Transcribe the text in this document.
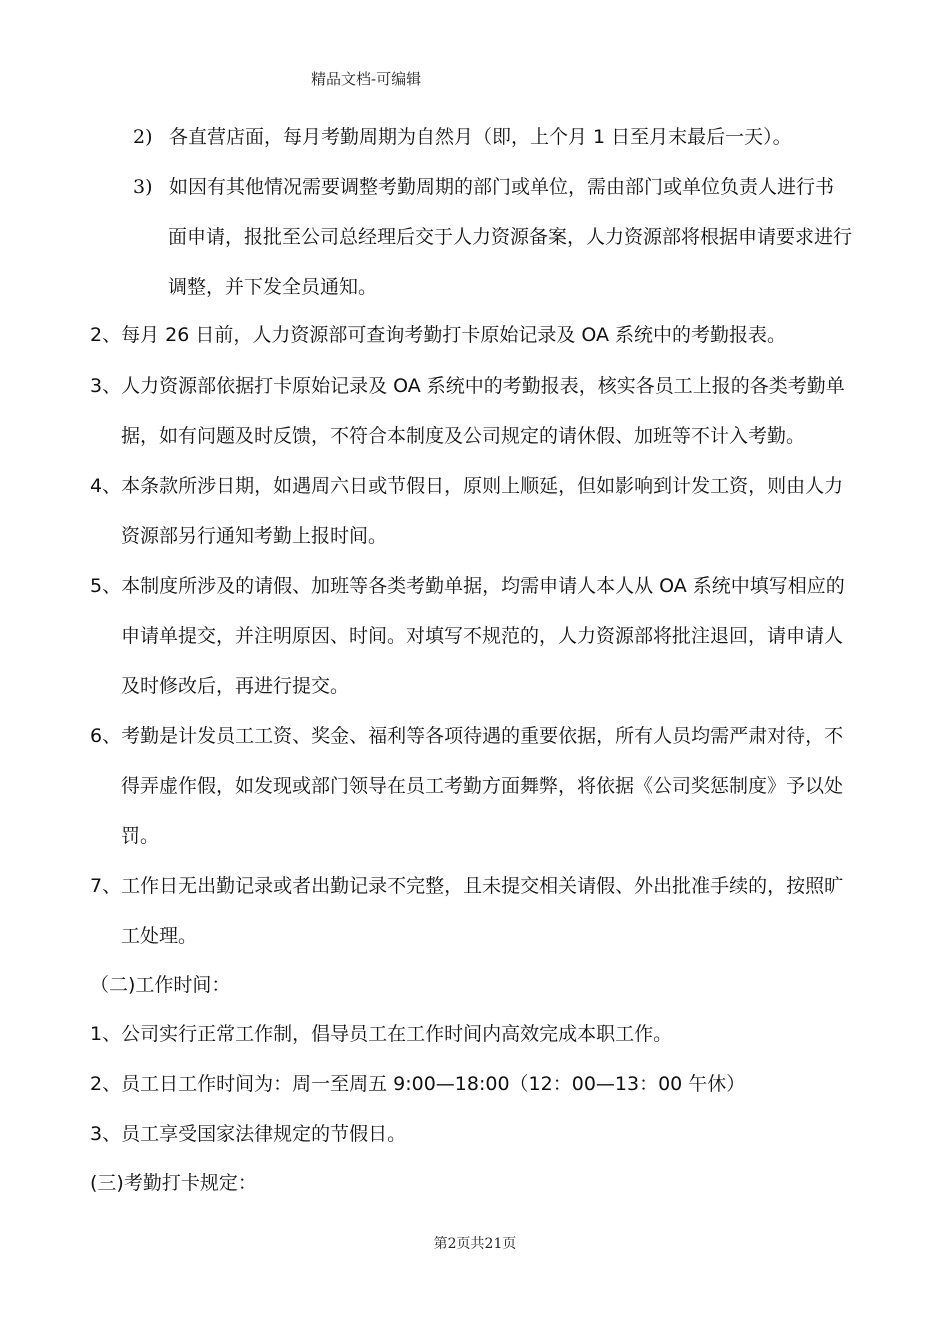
精品文档-可编辑
2) 各直营店面，每月考勤周期为自然月（即，上个月 1 日至月末最后一天）。
3) 如因有其他情况需要调整考勤周期的部门或单位，需由部门或单位负责人进行书
面申请，报批至公司总经理后交于人力资源备案，人力资源部将根据申请要求进行
调整，并下发全员通知。
2、每月 26 日前，人力资源部可查询考勤打卡原始记录及 OA 系统中的考勤报表。
3、人力资源部依据打卡原始记录及 OA 系统中的考勤报表，核实各员工上报的各类考勤单
据，如有问题及时反馈，不符合本制度及公司规定的请休假、加班等不计入考勤。
4、本条款所涉日期，如遇周六日或节假日，原则上顺延，但如影响到计发工资，则由人力
资源部另行通知考勤上报时间。
5、本制度所涉及的请假、加班等各类考勤单据，均需申请人本人从 OA 系统中填写相应的
申请单提交，并注明原因、时间。对填写不规范的，人力资源部将批注退回，请申请人
及时修改后，再进行提交。
6、考勤是计发员工工资、奖金、福利等各项待遇的重要依据，所有人员均需严肃对待，不
得弄虚作假，如发现或部门领导在员工考勤方面舞弊，将依据《公司奖惩制度》予以处
罚。
7、工作日无出勤记录或者出勤记录不完整，且未提交相关请假、外出批准手续的，按照旷
工处理。
（二)工作时间：
1、公司实行正常工作制，倡导员工在工作时间内高效完成本职工作。
2、员工日工作时间为：周一至周五 9:00—18:00（12：00—13：00 午休）
3、员工享受国家法律规定的节假日。
(三)考勤打卡规定：
第2页共21页
